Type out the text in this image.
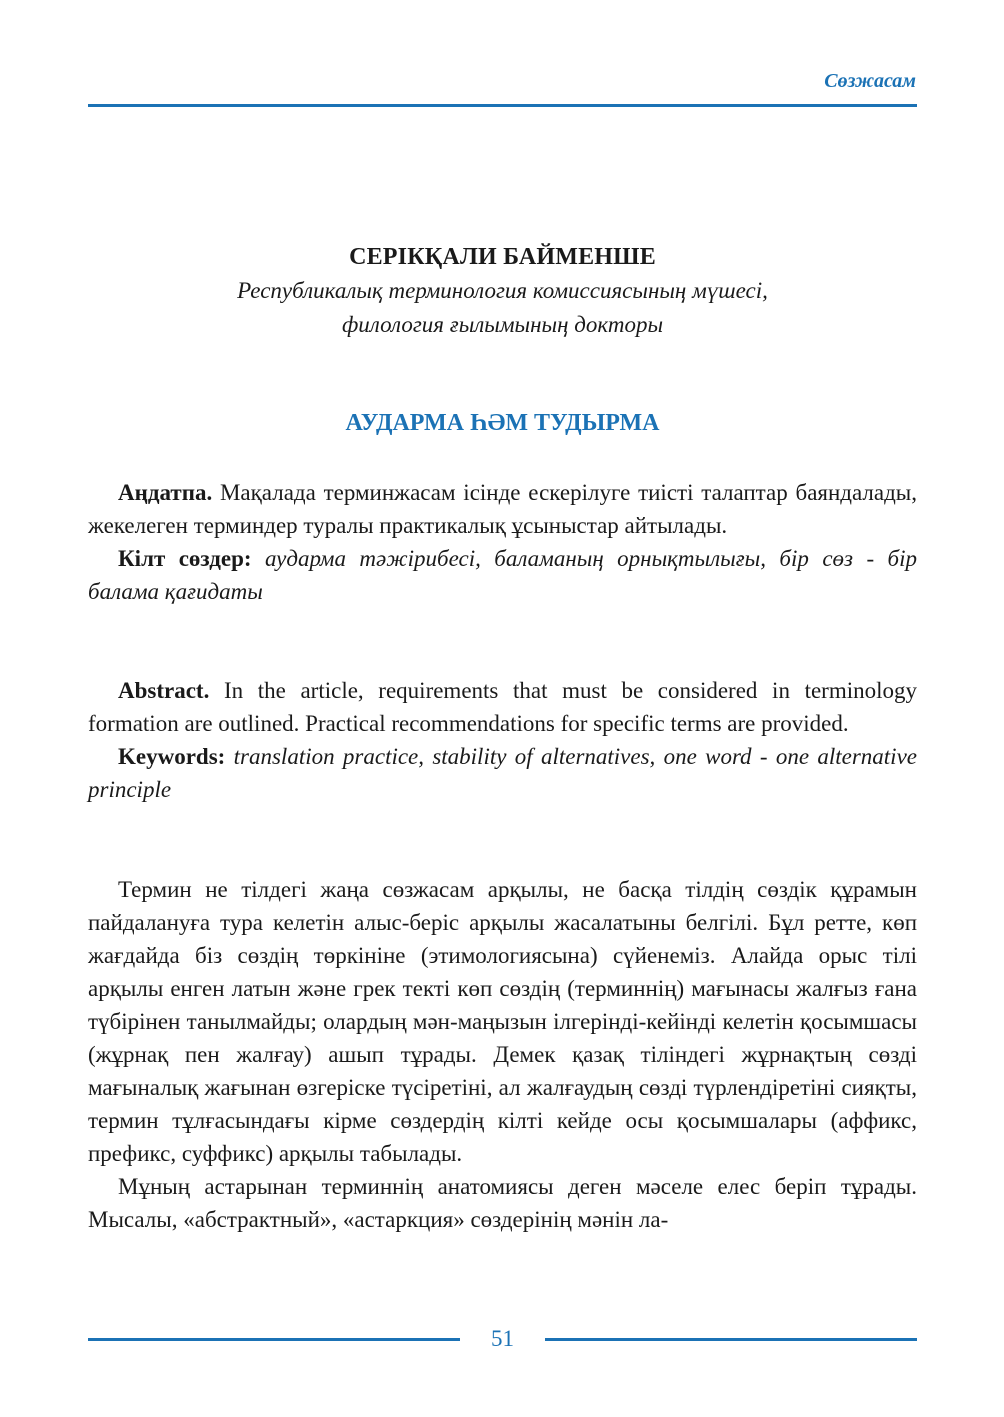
Сөзжасам
СЕРІКҚАЛИ БАЙМЕНШЕ
Республикалық терминология комиссиясының мүшесі,
филология ғылымының докторы
АУДАРМА ҺӘМ ТУДЫРМА

Аңдатпа. Мақалада терминжасам ісінде ескерілуге тиісті талаптар баяндалады, жекелеген терминдер туралы практикалық ұсыныстар айтылады.

Кілт сөздер: аударма тәжірибесі, баламаның орнықтылығы, бір сөз - бір балама қағидаты

Abstract. In the article, requirements that must be considered in terminology formation are outlined. Practical recommendations for specific terms are provided.

Keywords: translation practice, stability of alternatives, one word - one alternative principle

Термин не тілдегі жаңа сөзжасам арқылы, не басқа тілдің сөздік құрамын пайдалануға тура келетін алыс-беріс арқылы жасалатыны белгілі. Бұл ретте, көп жағдайда біз сөздің төркініне (этимологиясына) сүйенеміз. Алайда орыс тілі арқылы енген латын және грек текті көп сөздің (терминнің) мағынасы жалғыз ғана түбірінен танылмайды; олардың мән-маңызын ілгерінді-кейінді келетін қосымшасы (жұрнақ пен жалғау) ашып тұрады. Демек қазақ тіліндегі жұрнақтың сөзді мағыналық жағынан өзгеріске түсіретіні, ал жалғаудың сөзді түрлендіретіні сияқты, термин тұлғасындағы кірме сөздердің кілті кейде осы қосымшалары (аффикс, префикс, суффикс) арқылы табылады.

Мұның астарынан терминнің анатомиясы деген мәселе елес беріп тұрады. Мысалы, «абстрактный», «астаркция» сөздерінің мәнін ла-

51
